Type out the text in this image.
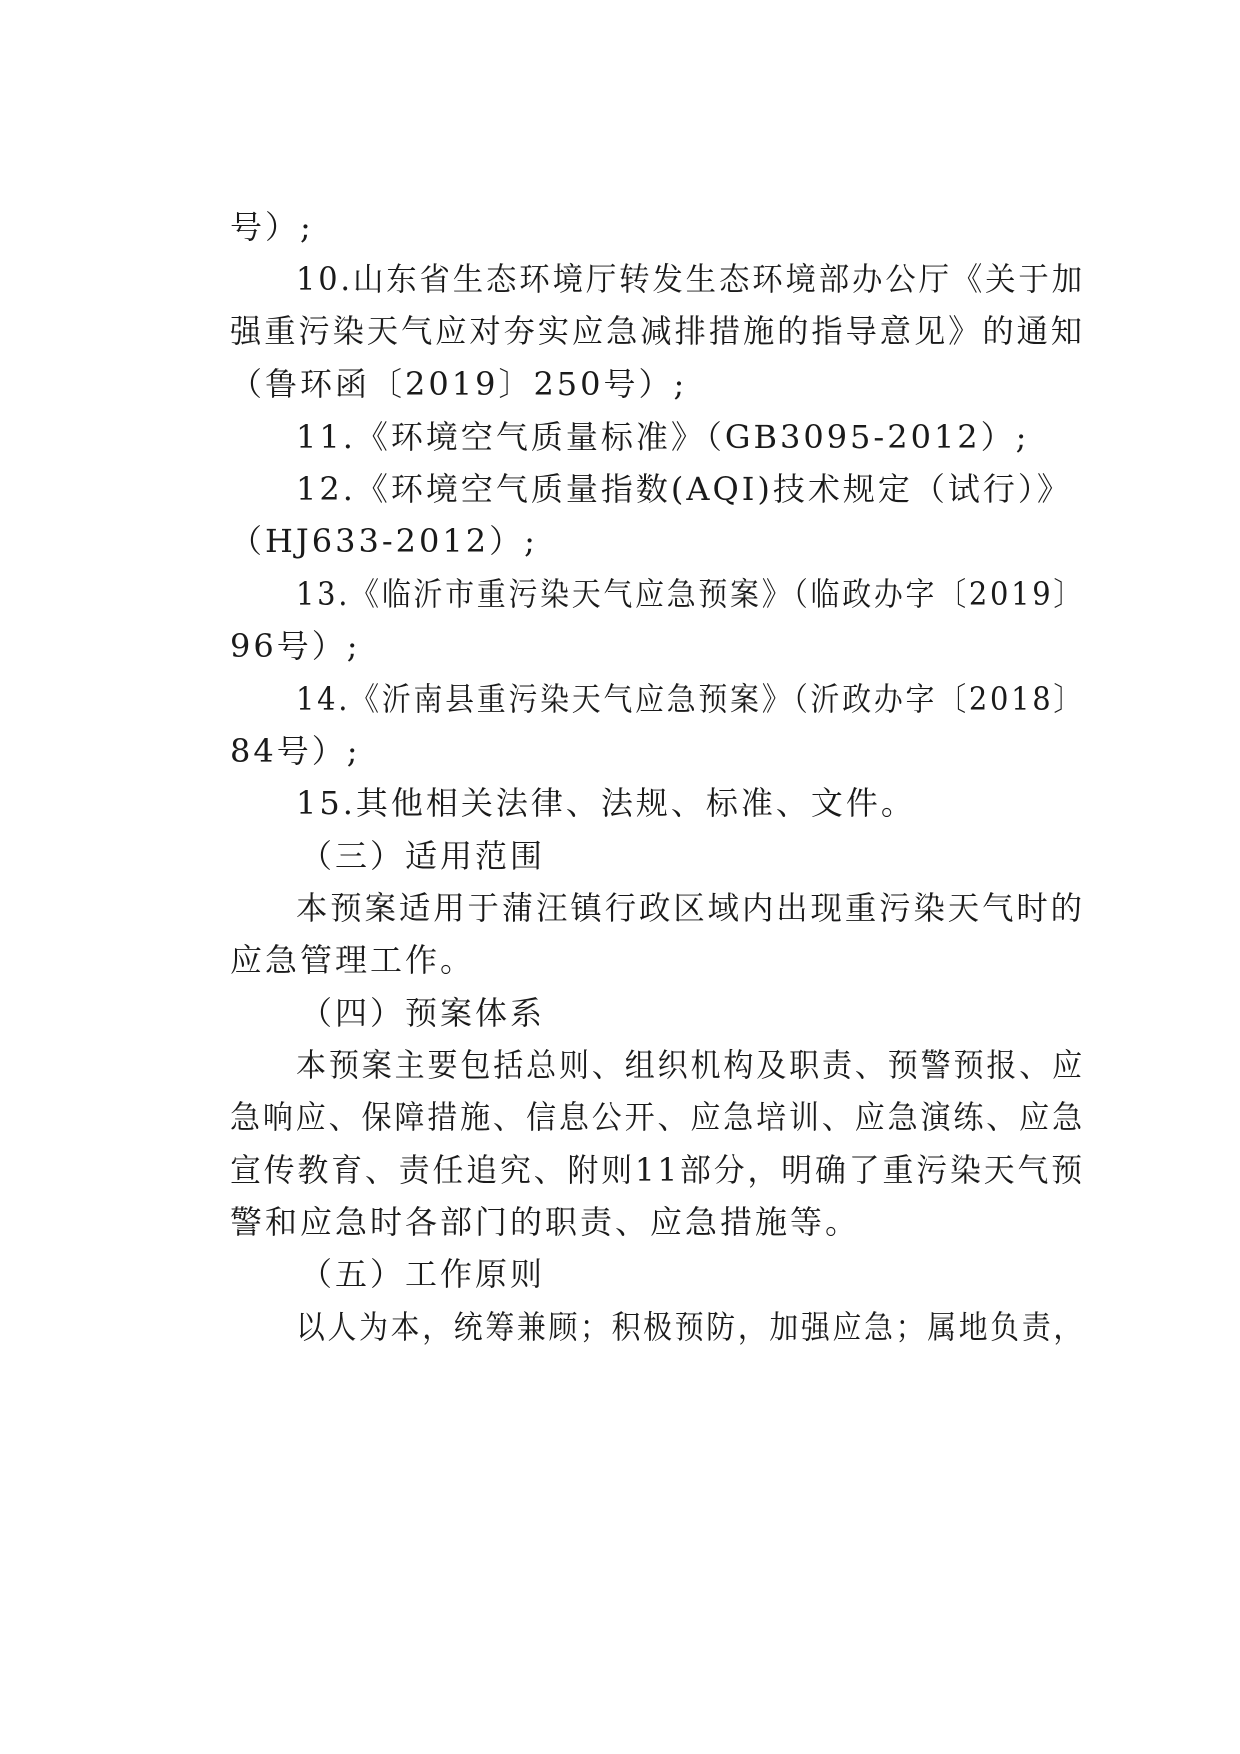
号）;
10.山东省生态环境厅转发生态环境部办公厅《关于加
强重污染天气应对夯实应急减排措施的指导意见》的通知
（鲁环函〔2019〕250号）;
11.《环境空气质量标准》（GB3095-2012）;
12.《环境空气质量指数(AQI)技术规定（试行）》
（HJ633-2012）;
13.《临沂市重污染天气应急预案》（临政办字〔2019〕
96号）;
14.《沂南县重污染天气应急预案》（沂政办字〔2018〕
84号）;
15.其他相关法律、法规、标准、文件。
（三）适用范围
本预案适用于蒲汪镇行政区域内出现重污染天气时的
应急管理工作。
（四）预案体系
本预案主要包括总则、组织机构及职责、预警预报、应
急响应、保障措施、信息公开、应急培训、应急演练、应急
宣传教育、责任追究、附则11部分，明确了重污染天气预
警和应急时各部门的职责、应急措施等。
（五）工作原则
以人为本，统筹兼顾；积极预防，加强应急；属地负责，
